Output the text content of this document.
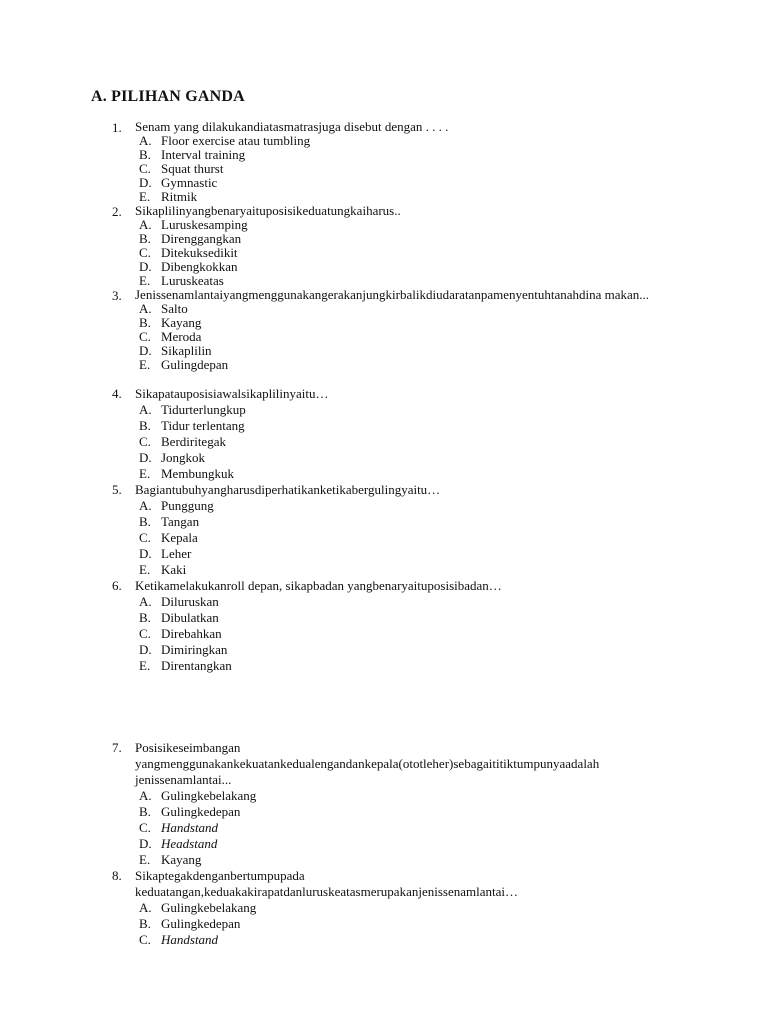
A. PILIHAN GANDA
1. Senam yang dilakukandiatasmatrasjuga disebut dengan . . . .
A. Floor exercise atau tumbling
B. Interval training
C. Squat thurst
D. Gymnastic
E. Ritmik
2. Sikaplilinyangbenaryaituposisikeduatungkaiharus..
A. Luruskesamping
B. Direnggangkan
C. Ditekuksedikit
D. Dibengkokkan
E. Luruskeatas
3. Jenissenamlantaiyangmenggunakangerakanjungkirbalikdiudaratanpamenyentuhtanahdina makan...
A. Salto
B. Kayang
C. Meroda
D. Sikaplilin
E. Gulingdepan
4. Sikapatauposisiawalsikaplilinyaitu…
A. Tidurterlungkup
B. Tidur terlentang
C. Berdiritegak
D. Jongkok
E. Membungkuk
5. Bagiantubuhyangharusdiperhatikanketikabergulingyaitu…
A. Punggung
B. Tangan
C. Kepala
D. Leher
E. Kaki
6. Ketikamelakukanroll depan, sikapbadan yangbenaryaituposisibadan…
A. Diluruskan
B. Dibulatkan
C. Direbahkan
D. Dimiringkan
E. Direntangkan
7. Posisikeseimbangan
yangmenggunakankekuatankedualengandankepala(ototleher)sebagaititiktumpunyaadalah
jenissenamlantai...
A. Gulingkebelakang
B. Gulingkedepan
C. Handstand
D. Headstand
E. Kayang
8. Sikaptegakdenganbertumpupada
keduatangan,keduakakirapatdanluruskeatasmerupakanjenissenamlantai…
A. Gulingkebelakang
B. Gulingkedepan
C. Handstand
